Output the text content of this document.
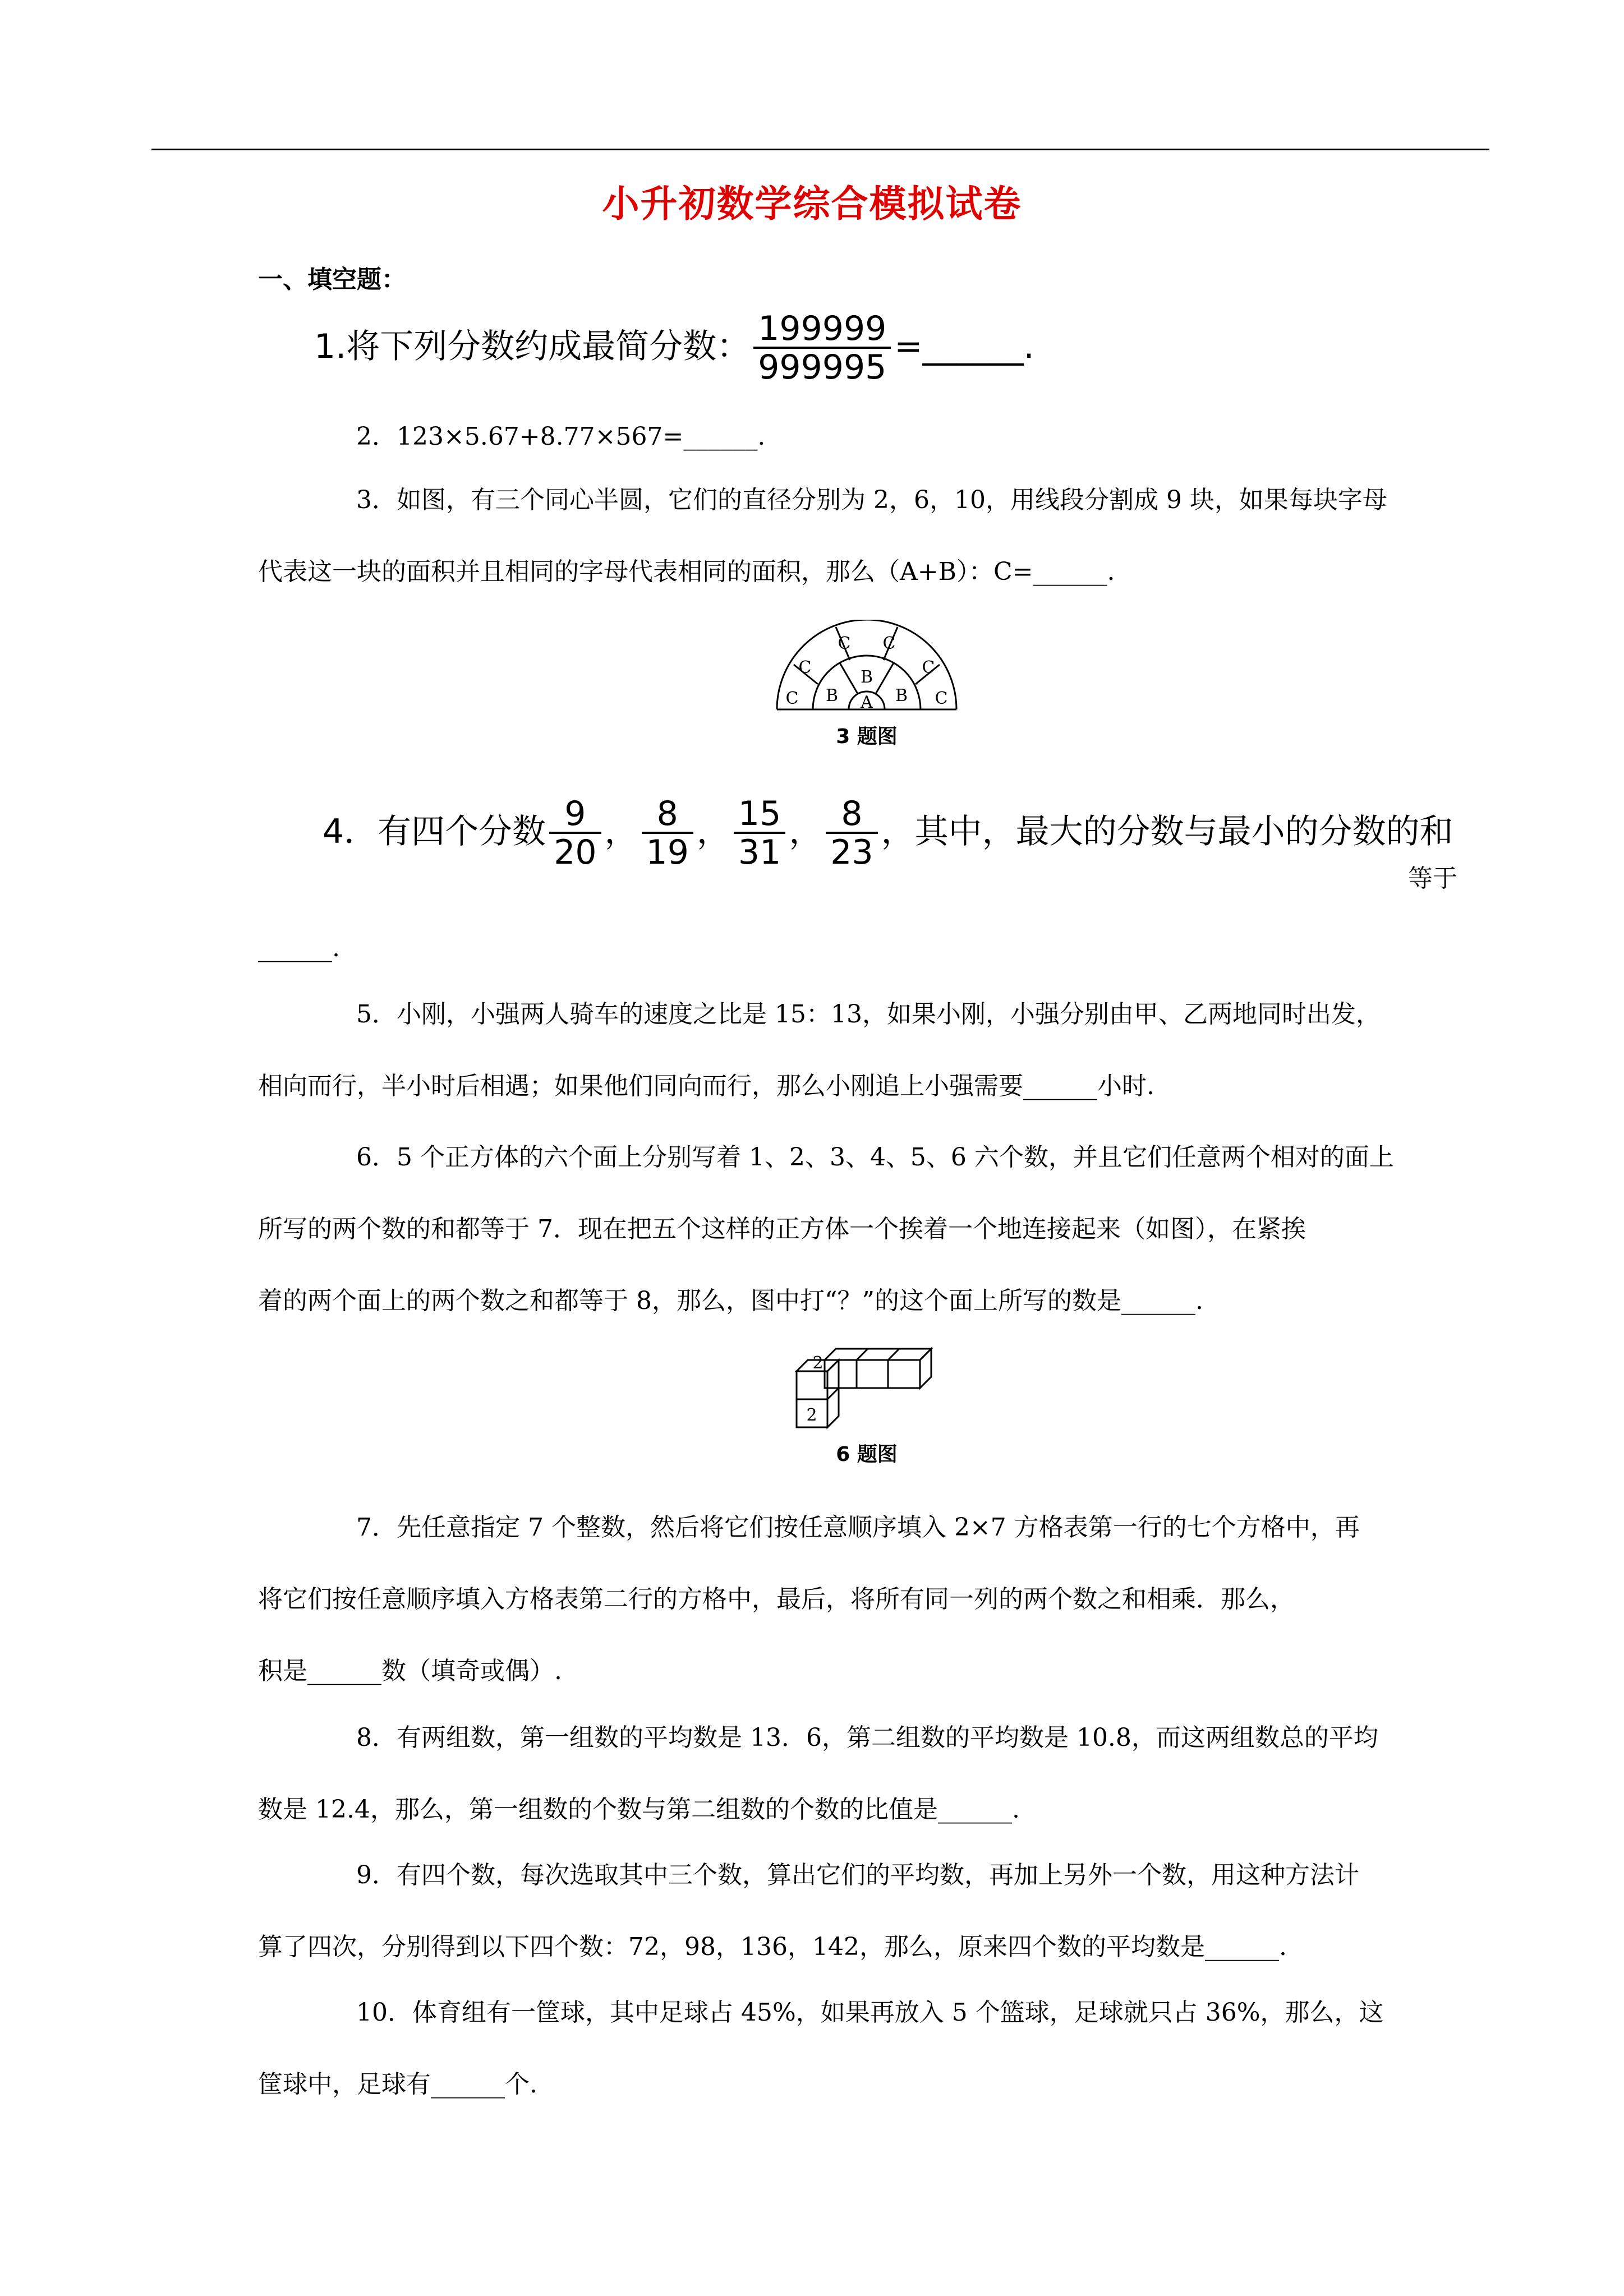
小升初数学综合模拟试卷
一、填空题：
1.将下列分数约成最简分数： $\frac{199999}{999995}$ =______.
2．123×5.67+8.77×567=______.
3．如图，有三个同心半圆，它们的直径分别为 2，6，10，用线段分割成 9 块，如果每块字母
代表这一块的面积并且相同的字母代表相同的面积，那么（A+B）：C=______.
A
B
B	B
C
C
C C
C
C
3 题图
4．有四个分数 $\frac{9}{20}$ ， $\frac{8}{19}$ ， $\frac{15}{31}$ ， $\frac{8}{23}$ ，其中，最大的分数与最小的分数的和
等于
______.
5．小刚，小强两人骑车的速度之比是 15：13，如果小刚，小强分别由甲、乙两地同时出发，
相向而行，半小时后相遇；如果他们同向而行，那么小刚追上小强需要______小时.
6．5 个正方体的六个面上分别写着 1、2、3、4、5、6 六个数，并且它们任意两个相对的面上
所写的两个数的和都等于 7．现在把五个这样的正方体一个挨着一个地连接起来（如图），在紧挨
着的两个面上的两个数之和都等于 8，那么，图中打“？”的这个面上所写的数是______.
2
2
6 题图
7．先任意指定 7 个整数，然后将它们按任意顺序填入 2×7 方格表第一行的七个方格中，再
将它们按任意顺序填入方格表第二行的方格中，最后，将所有同一列的两个数之和相乘．那么，
积是______数（填奇或偶）.
8．有两组数，第一组数的平均数是 13．6，第二组数的平均数是 10.8，而这两组数总的平均
数是 12.4，那么，第一组数的个数与第二组数的个数的比值是______.
9．有四个数，每次选取其中三个数，算出它们的平均数，再加上另外一个数，用这种方法计
算了四次，分别得到以下四个数：72，98，136，142，那么，原来四个数的平均数是______.
10．体育组有一筐球，其中足球占 45%，如果再放入 5 个篮球，足球就只占 36%，那么，这
筐球中，足球有______个.
